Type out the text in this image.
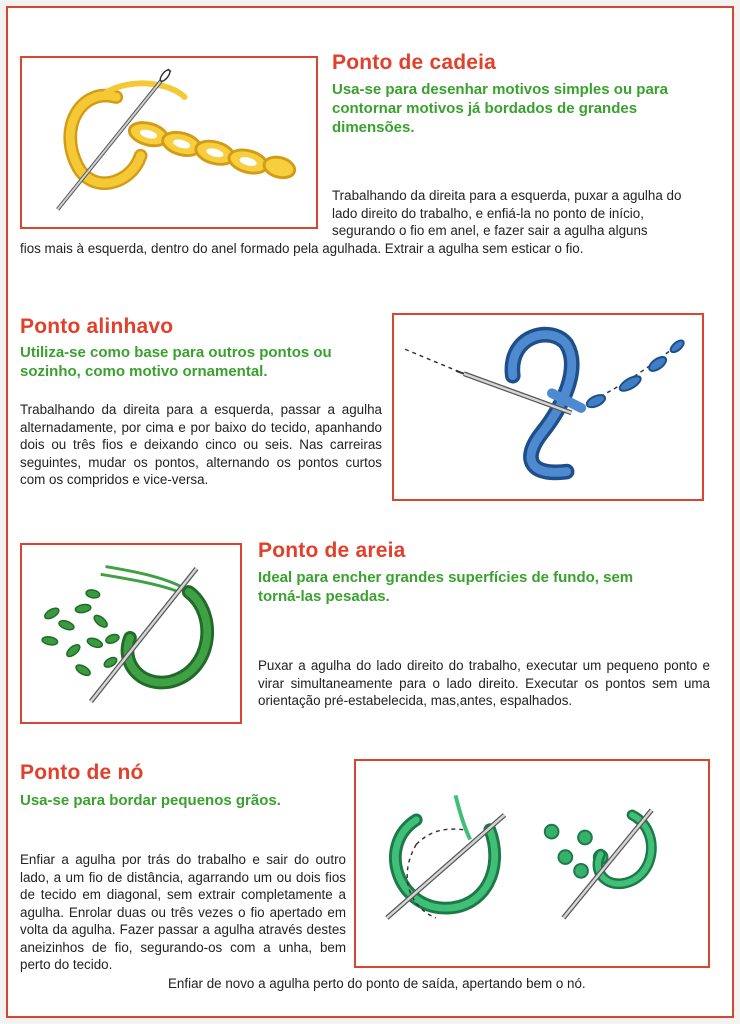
Ponto de cadeia

Usa-se para desenhar motivos simples ou para contornar motivos já bordados de grandes dimensões.

Trabalhando da direita para a esquerda, puxar a agulha do lado direito do trabalho, e enfiá-la no ponto de início, segurando o fio em anel, e fazer sair a agulha alguns

fios mais à esquerda, dentro do anel formado pela agulhada. Extrair a agulha sem esticar o fio.

Ponto alinhavo

Utiliza-se como base para outros pontos ou sozinho, como motivo ornamental.

Trabalhando da direita para a esquerda, passar a agulha alternadamente, por cima e por baixo do tecido, apanhando dois ou três fios e deixando cinco ou seis. Nas carreiras seguintes, mudar os pontos, alternando os pontos curtos com os compridos e vice-versa.

Ponto de areia

Ideal para encher grandes superfícies de fundo, sem torná-las pesadas.

Puxar a agulha do lado direito do trabalho, executar um pequeno ponto e virar simultaneamente para o lado direito. Executar os pontos sem uma orientação pré-estabelecida, mas,antes, espalhados.

Ponto de nó

Usa-se para bordar pequenos grãos.

Enfiar a agulha por trás do trabalho e sair do outro lado, a um fio de distância, agarrando um ou dois fios de tecido em diagonal, sem extrair completamente a agulha. Enrolar duas ou três vezes o fio apertado em volta da agulha. Fazer passar a agulha através destes aneizinhos de fio, segurando-os com a unha, bem perto do tecido.

Enfiar de novo a agulha perto do ponto de saída, apertando bem o nó.
